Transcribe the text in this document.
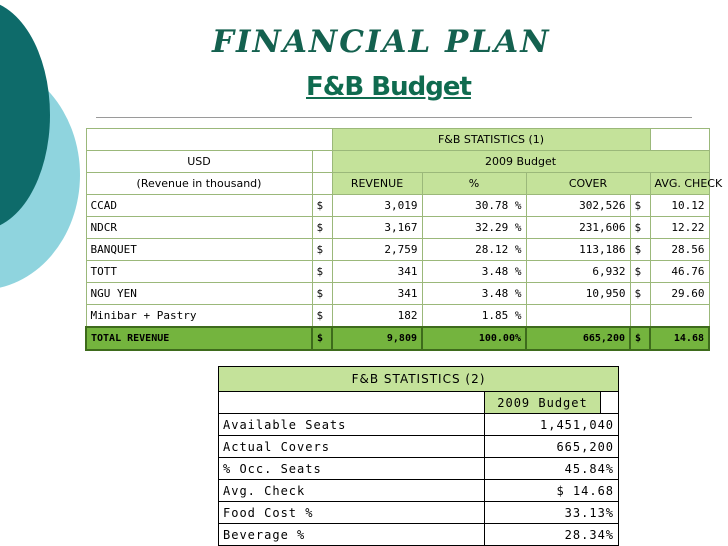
FINANCIAL PLAN
F&B Budget
		F&B STATISTICS (1)				
USD		2009 Budget				
(Revenue in thousand)		REVENUE	%	COVER		AVG. CHECK
CCAD	$	3,019	30.78 %	302,526	$	10.12
NDCR	$	3,167	32.29 %	231,606	$	12.22
BANQUET	$	2,759	28.12 %	113,186	$	28.56
TOTT	$	341	3.48 %	6,932	$	46.76
NGU YEN	$	341	3.48 %	10,950	$	29.60
Minibar + Pastry	$	182	1.85 %			
TOTAL REVENUE	$	9,809	100.00%	665,200	$	14.68
F&B STATISTICS (2)		
	2009 Budget	
Available Seats	1,451,040	
Actual Covers	665,200	
% Occ. Seats	45.84%	
Avg. Check	$ 14.68	
Food Cost %	33.13%	
Beverage %	28.34%	
